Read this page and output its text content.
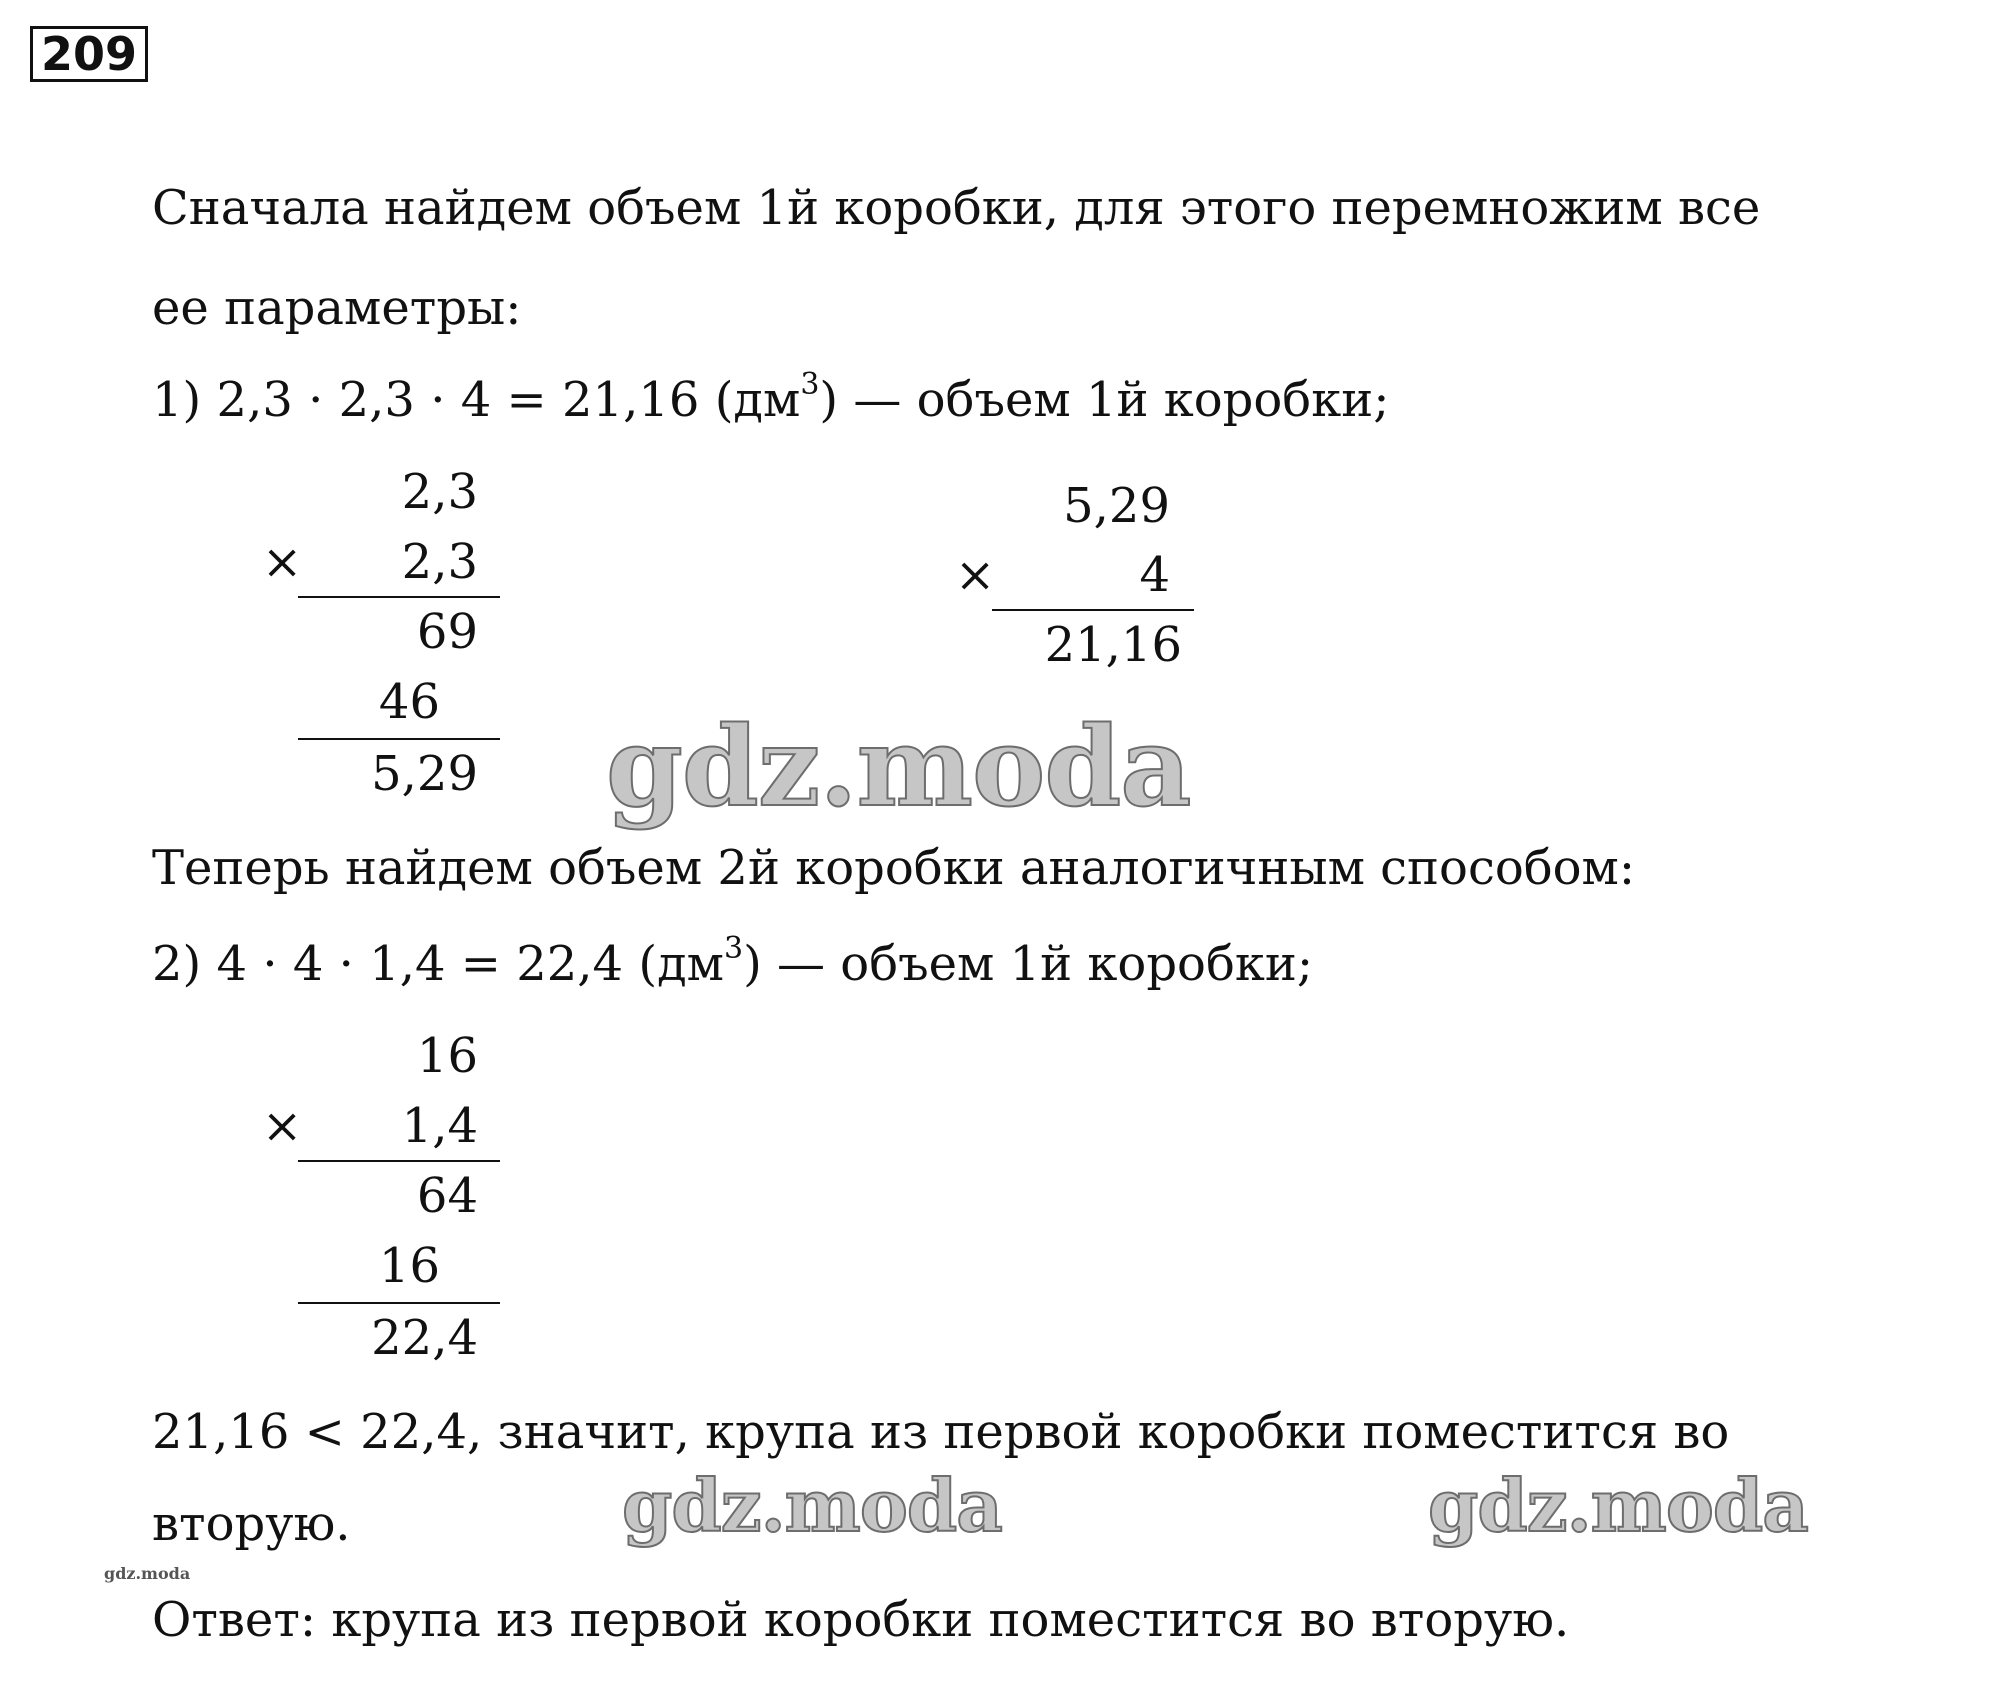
209
Сначала найдем объем 1й коробки, для этого перемножим все
ее параметры:
1) 2,3 · 2,3 · 4 = 21,16 $(дм^3)$ — объем 1й коробки;
2,3
×	2,3
69
46
5,29
5,29
×	4
21,16
Теперь найдем объем 2й коробки аналогичным способом:
2) 4 · 4 · 1,4 = 22,4 $(дм^3)$ — объем 1й коробки;
16
×	1,4
64
16
22,4
21,16 < 22,4, значит, крупа из первой коробки поместится во
вторую.
Ответ: крупа из первой коробки поместится во вторую.
gdz.moda
gdz.moda	gdz.moda
gdz.moda
